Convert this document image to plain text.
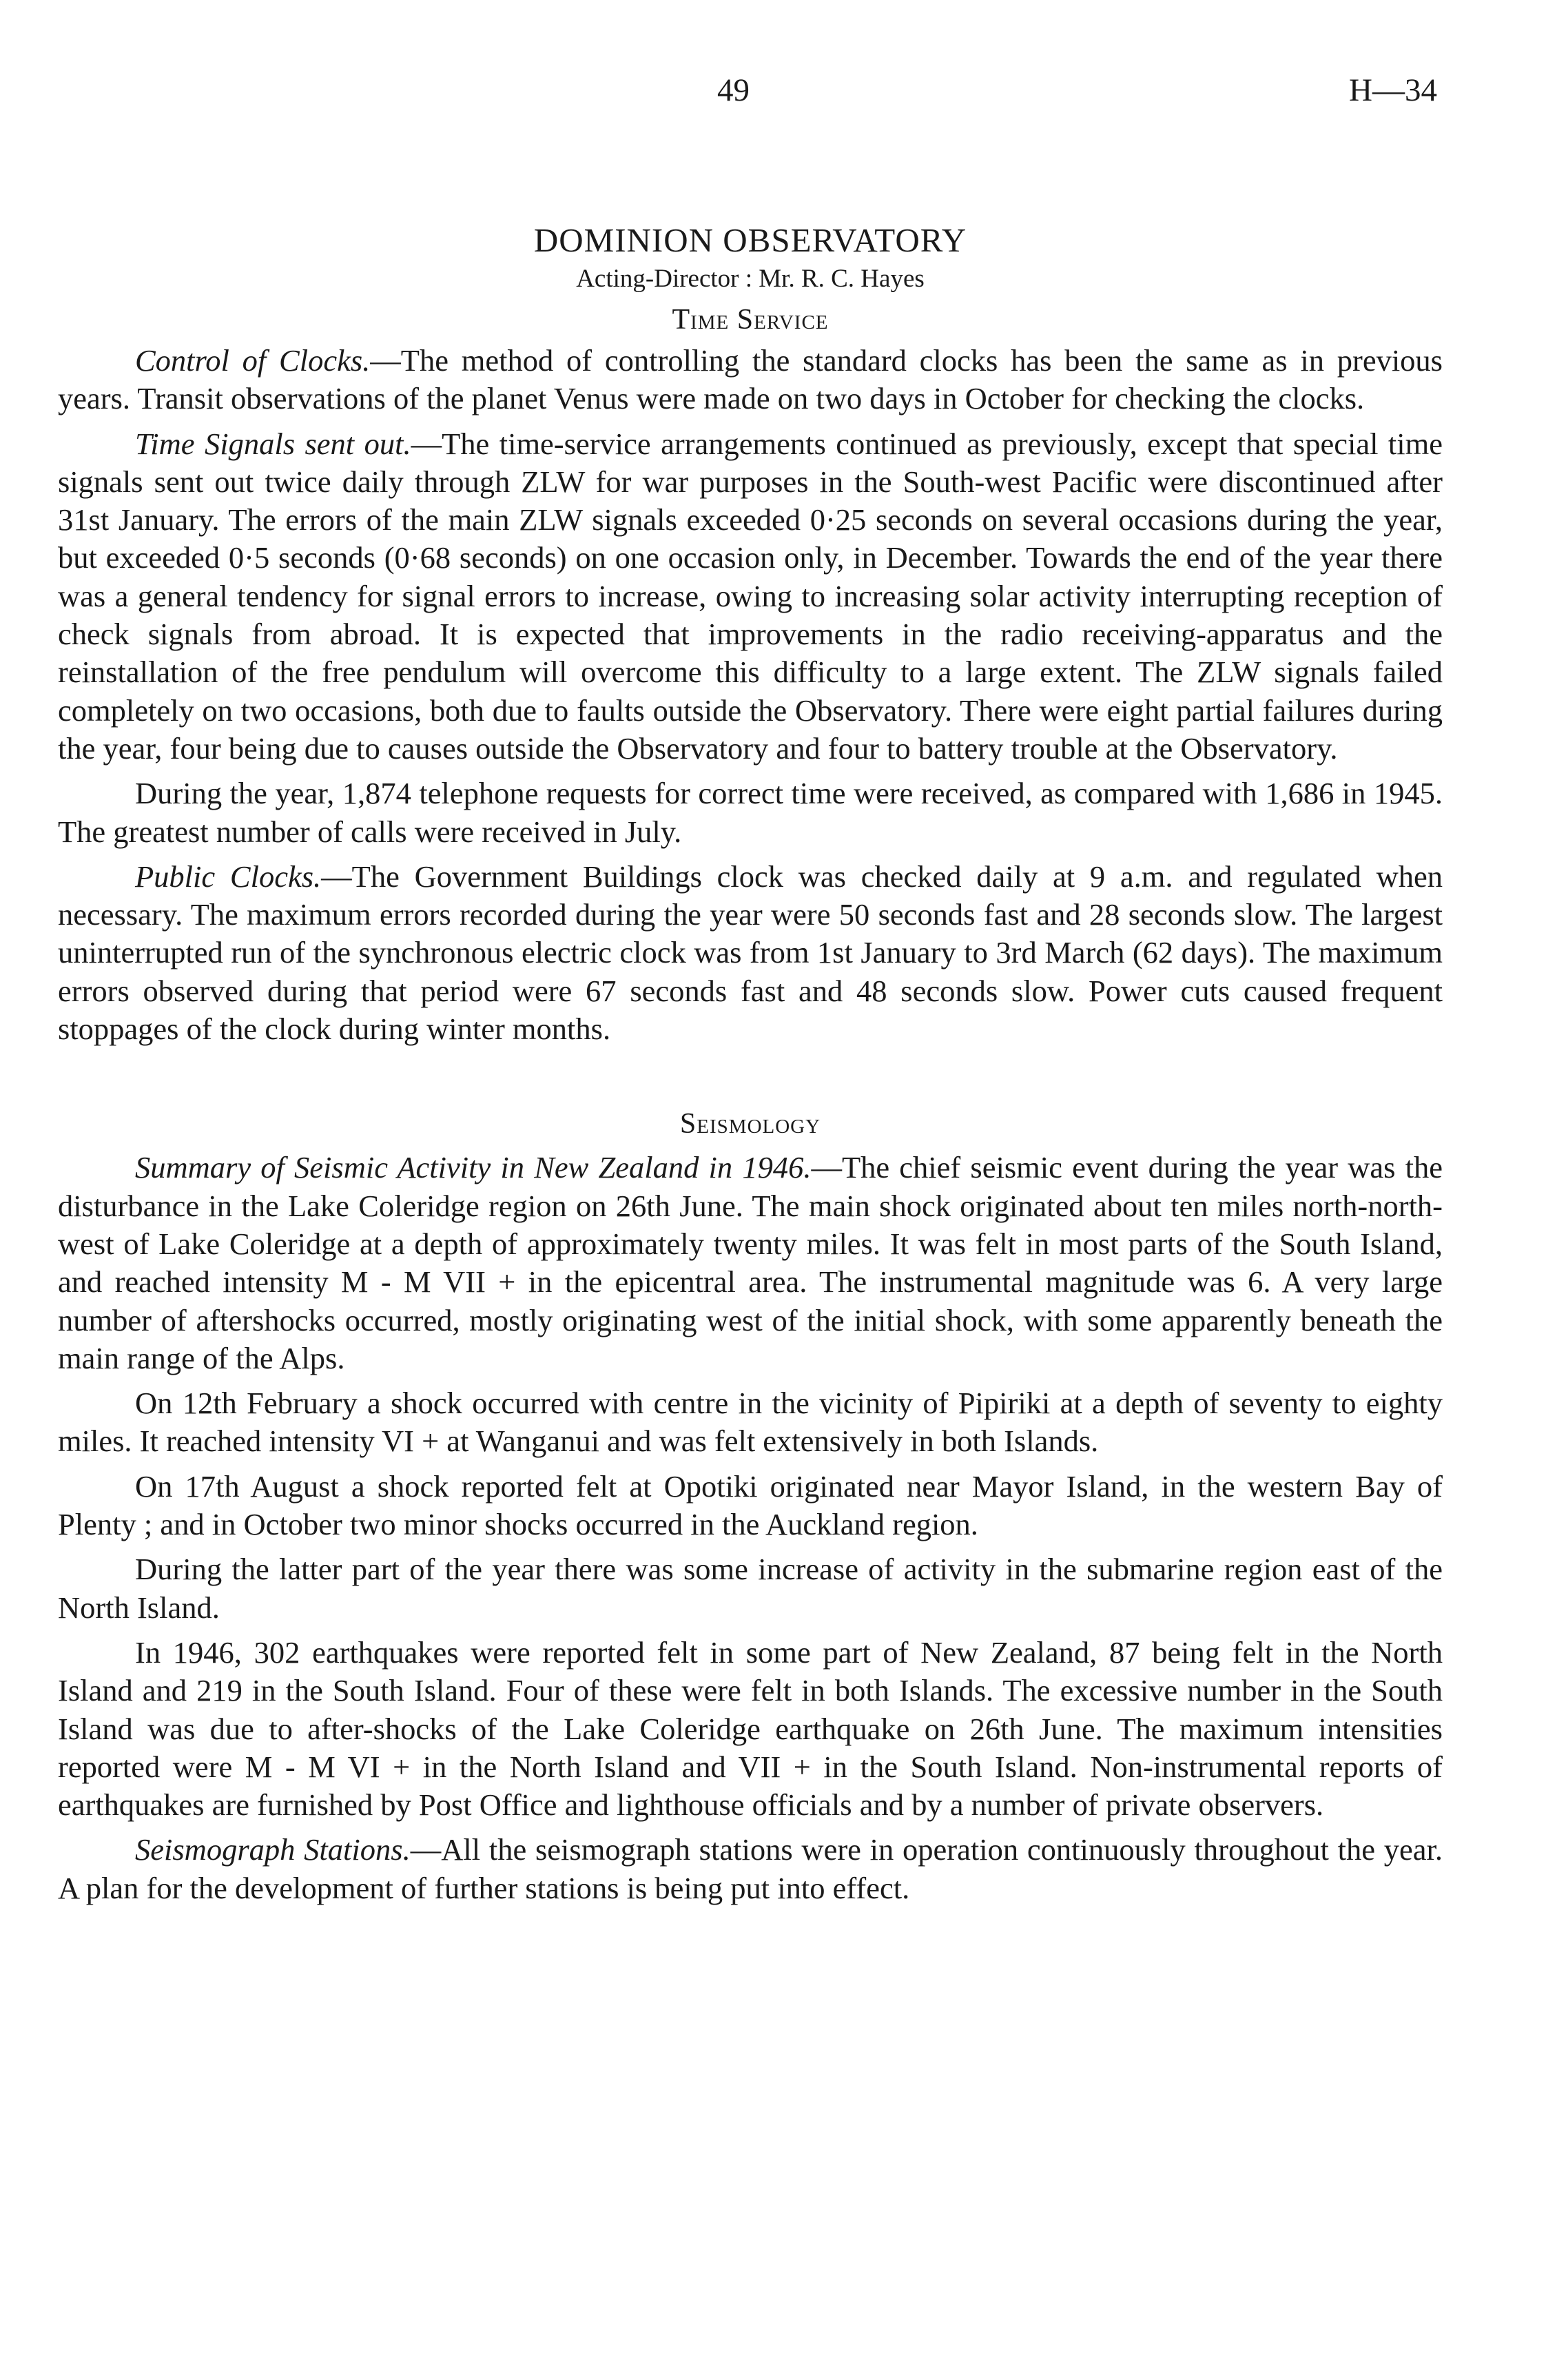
49	H—34
DOMINION OBSERVATORY
Acting-Director : Mr. R. C. Hayes
Time Service

Control of Clocks.—The method of controlling the standard clocks has been the same as in previous years. Transit observations of the planet Venus were made on two days in October for checking the clocks.

Time Signals sent out.—The time-service arrangements continued as previously, except that special time signals sent out twice daily through ZLW for war purposes in the South-west Pacific were discontinued after 31st January. The errors of the main ZLW signals exceeded 0·25 seconds on several occasions during the year, but exceeded 0·5 seconds (0·68 seconds) on one occasion only, in December. Towards the end of the year there was a general tendency for signal errors to increase, owing to increasing solar activity interrupting reception of check signals from abroad. It is expected that improvements in the radio receiving-apparatus and the reinstallation of the free pendulum will overcome this difficulty to a large extent. The ZLW signals failed completely on two occasions, both due to faults outside the Observatory. There were eight partial failures during the year, four being due to causes outside the Observatory and four to battery trouble at the Observatory.

During the year, 1,874 telephone requests for correct time were received, as compared with 1,686 in 1945. The greatest number of calls were received in July.

Public Clocks.—The Government Buildings clock was checked daily at 9 a.m. and regulated when necessary. The maximum errors recorded during the year were 50 seconds fast and 28 seconds slow. The largest uninterrupted run of the synchronous electric clock was from 1st January to 3rd March (62 days). The maximum errors observed during that period were 67 seconds fast and 48 seconds slow. Power cuts caused frequent stoppages of the clock during winter months.

Seismology

Summary of Seismic Activity in New Zealand in 1946.—The chief seismic event during the year was the disturbance in the Lake Coleridge region on 26th June. The main shock originated about ten miles north-north-west of Lake Coleridge at a depth of approximately twenty miles. It was felt in most parts of the South Island, and reached intensity M - M VII + in the epicentral area. The instrumental magnitude was 6. A very large number of aftershocks occurred, mostly originating west of the initial shock, with some apparently beneath the main range of the Alps.

On 12th February a shock occurred with centre in the vicinity of Pipiriki at a depth of seventy to eighty miles. It reached intensity VI + at Wanganui and was felt extensively in both Islands.

On 17th August a shock reported felt at Opotiki originated near Mayor Island, in the western Bay of Plenty ; and in October two minor shocks occurred in the Auckland region.

During the latter part of the year there was some increase of activity in the submarine region east of the North Island.

In 1946, 302 earthquakes were reported felt in some part of New Zealand, 87 being felt in the North Island and 219 in the South Island. Four of these were felt in both Islands. The excessive number in the South Island was due to after-shocks of the Lake Coleridge earthquake on 26th June. The maximum intensities reported were M - M VI + in the North Island and VII + in the South Island. Non-instrumental reports of earthquakes are furnished by Post Office and lighthouse officials and by a number of private observers.

Seismograph Stations.—All the seismograph stations were in operation continuously throughout the year. A plan for the development of further stations is being put into effect.
